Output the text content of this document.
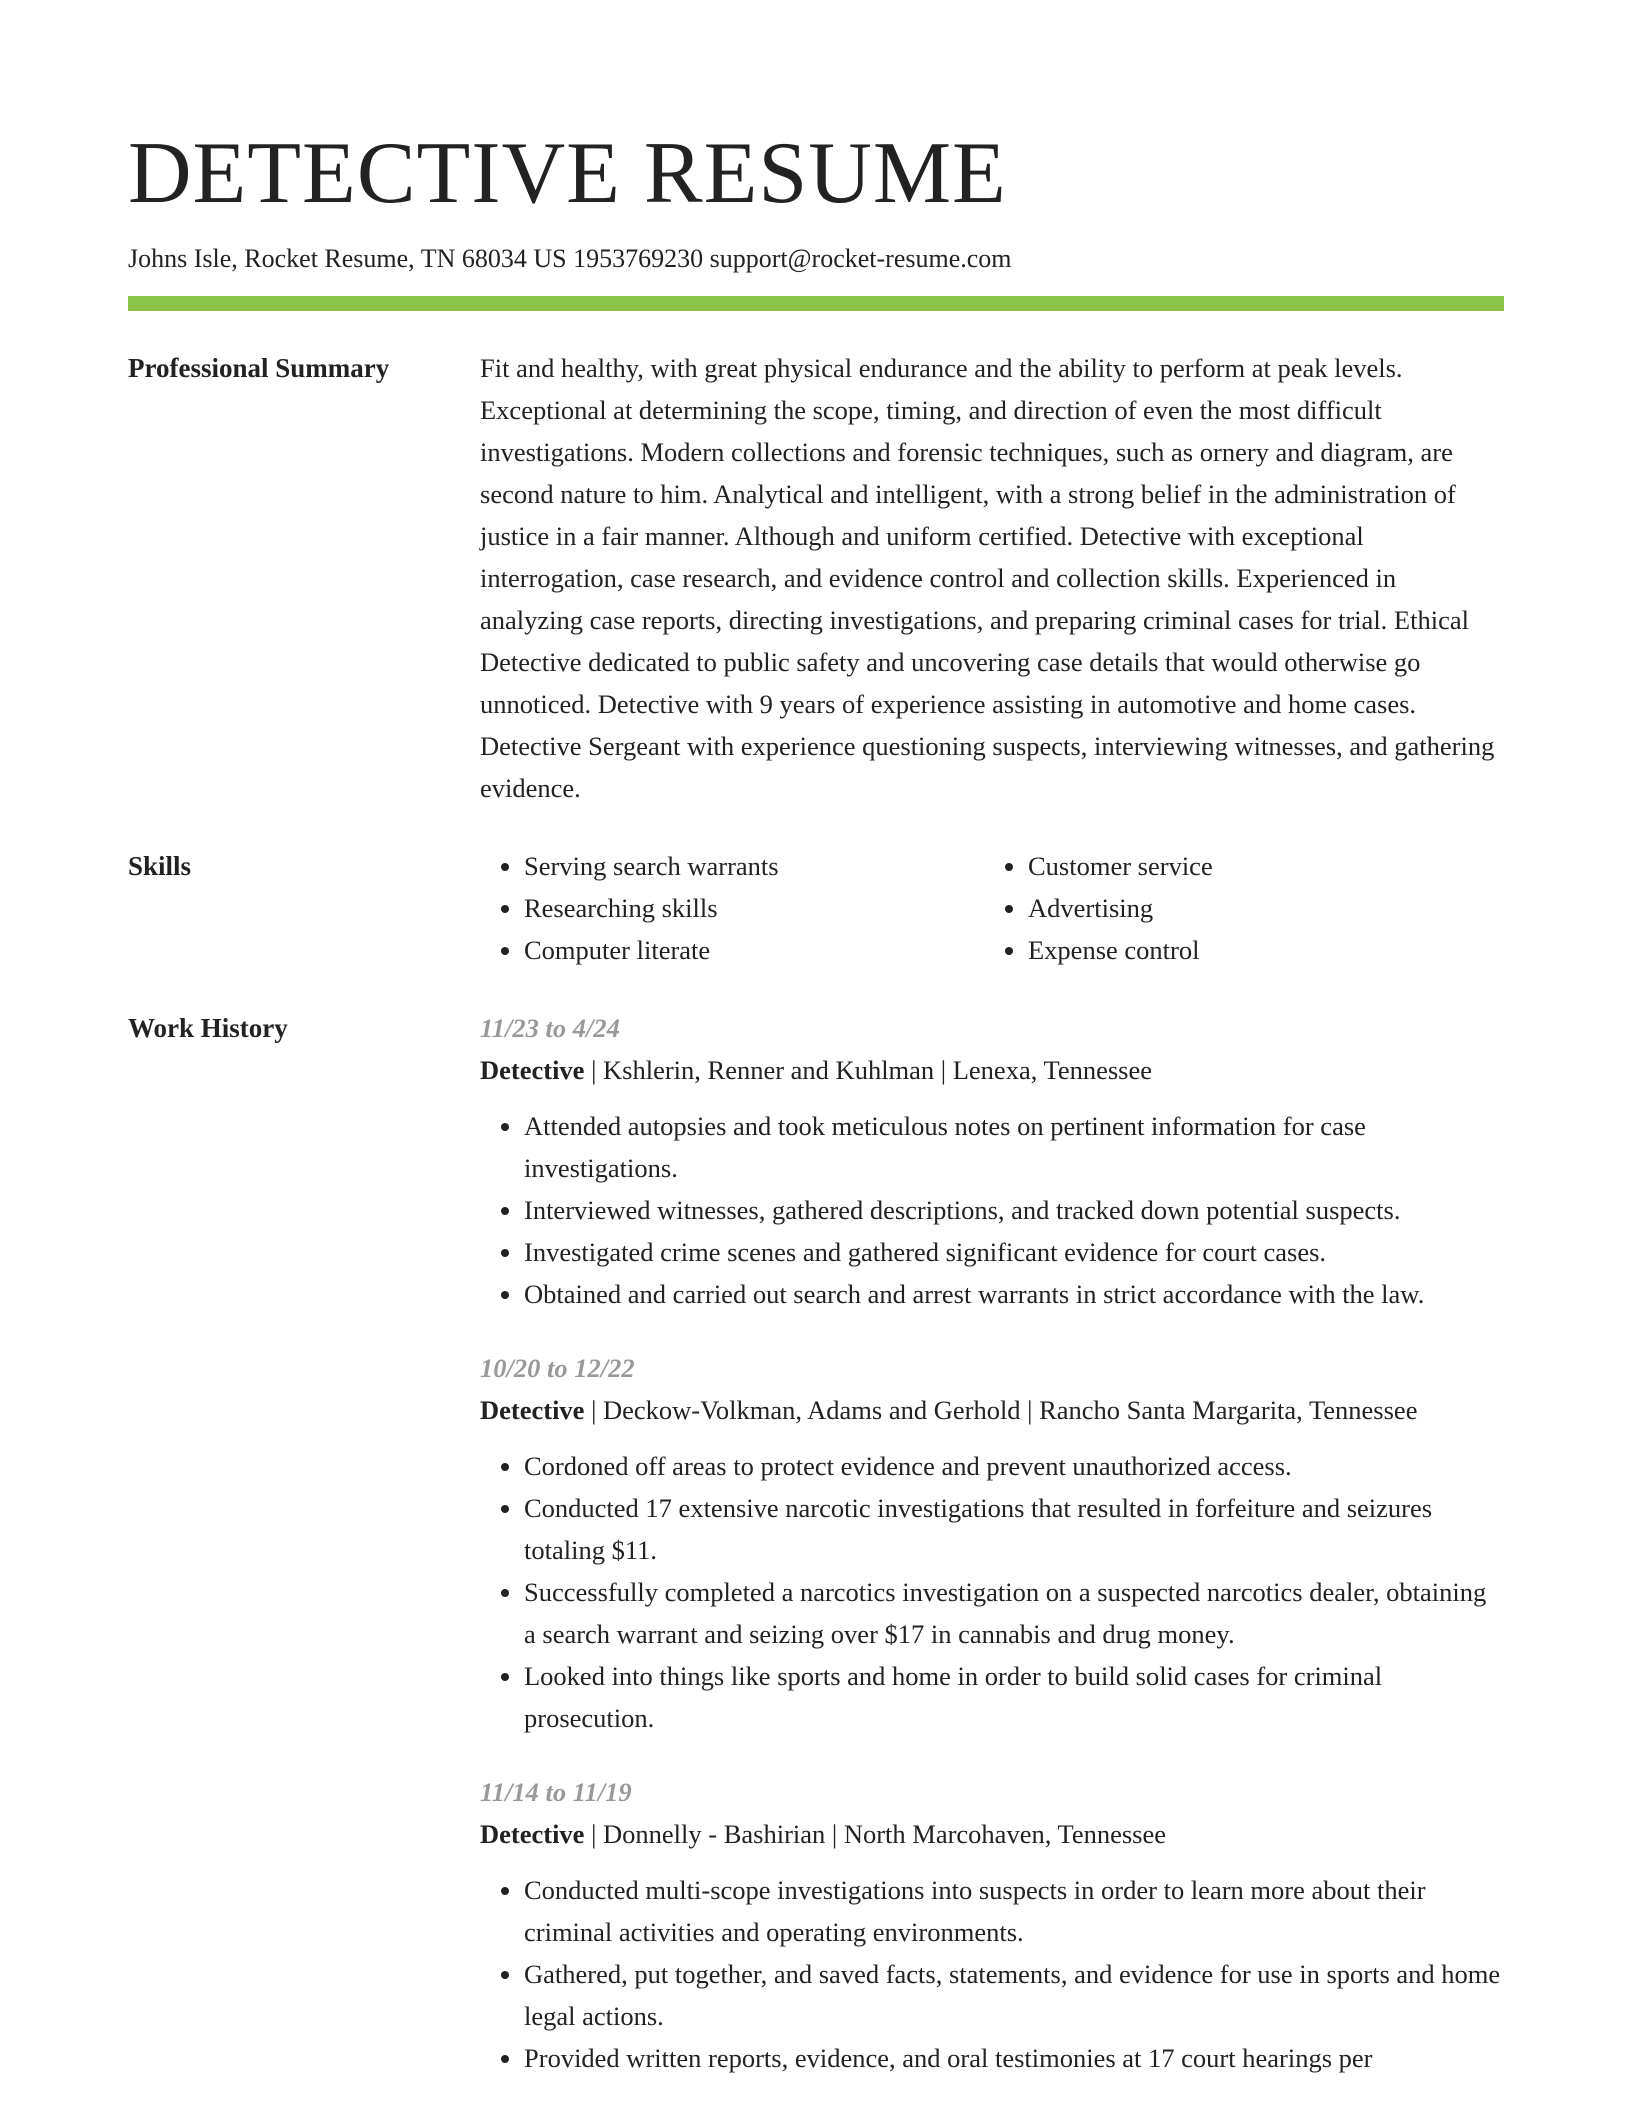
DETECTIVE RESUME
Johns Isle, Rocket Resume, TN 68034 US 1953769230 support@rocket-resume.com
Professional Summary	Fit and healthy, with great physical endurance and the ability to perform at peak levels. Exceptional at determining the scope, timing, and direction of even the most difficult investigations. Modern collections and forensic techniques, such as ornery and diagram, are second nature to him. Analytical and intelligent, with a strong belief in the administration of justice in a fair manner. Although and uniform certified. Detective with exceptional interrogation, case research, and evidence control and collection skills. Experienced in analyzing case reports, directing investigations, and preparing criminal cases for trial. Ethical Detective dedicated to public safety and uncovering case details that would otherwise go unnoticed. Detective with 9 years of experience assisting in automotive and home cases. Detective Sergeant with experience questioning suspects, interviewing witnesses, and gathering evidence.

Skills
•	Serving search warrants
• Researching skills
• Computer literate
• Customer service
• Advertising
• Expense control
Work History	11/23 to 4/24
Detective | Kshlerin, Renner and Kuhlman | Lenexa, Tennessee
• Attended autopsies and took meticulous notes on pertinent information for case investigations.
• Interviewed witnesses, gathered descriptions, and tracked down potential suspects.
• Investigated crime scenes and gathered significant evidence for court cases.
• Obtained and carried out search and arrest warrants in strict accordance with the law.
10/20 to 12/22
Detective | Deckow-Volkman, Adams and Gerhold | Rancho Santa Margarita, Tennessee
• Cordoned off areas to protect evidence and prevent unauthorized access.
• Conducted 17 extensive narcotic investigations that resulted in forfeiture and seizures totaling $11.
• Successfully completed a narcotics investigation on a suspected narcotics dealer, obtaining a search warrant and seizing over $17 in cannabis and drug money.
• Looked into things like sports and home in order to build solid cases for criminal prosecution.
11/14 to 11/19
Detective | Donnelly - Bashirian | North Marcohaven, Tennessee
• Conducted multi-scope investigations into suspects in order to learn more about their criminal activities and operating environments.
• Gathered, put together, and saved facts, statements, and evidence for use in sports and home legal actions.
• Provided written reports, evidence, and oral testimonies at 17 court hearings per
